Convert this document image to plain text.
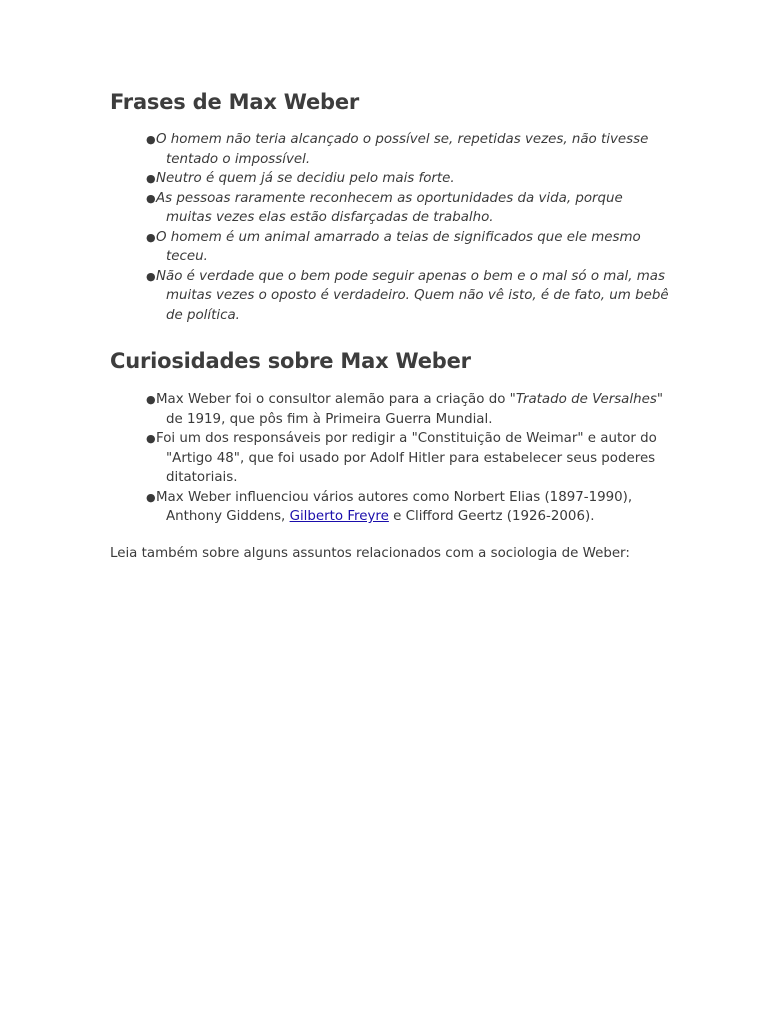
Frases de Max Weber
● O homem não teria alcançado o possível se, repetidas vezes, não tivesse tentado o impossível.
● Neutro é quem já se decidiu pelo mais forte.
● As pessoas raramente reconhecem as oportunidades da vida, porque muitas vezes elas estão disfarçadas de trabalho.
● O homem é um animal amarrado a teias de significados que ele mesmo teceu.
● Não é verdade que o bem pode seguir apenas o bem e o mal só o mal, mas muitas vezes o oposto é verdadeiro. Quem não vê isto, é de fato, um bebê de política.
Curiosidades sobre Max Weber
● Max Weber foi o consultor alemão para a criação do "Tratado de Versalhes" de 1919, que pôs fim à Primeira Guerra Mundial.
● Foi um dos responsáveis por redigir a "Constituição de Weimar" e autor do "Artigo 48", que foi usado por Adolf Hitler para estabelecer seus poderes ditatoriais.
● Max Weber influenciou vários autores como Norbert Elias (1897-1990), Anthony Giddens, Gilberto Freyre e Clifford Geertz (1926-2006).

Leia também sobre alguns assuntos relacionados com a sociologia de Weber:
